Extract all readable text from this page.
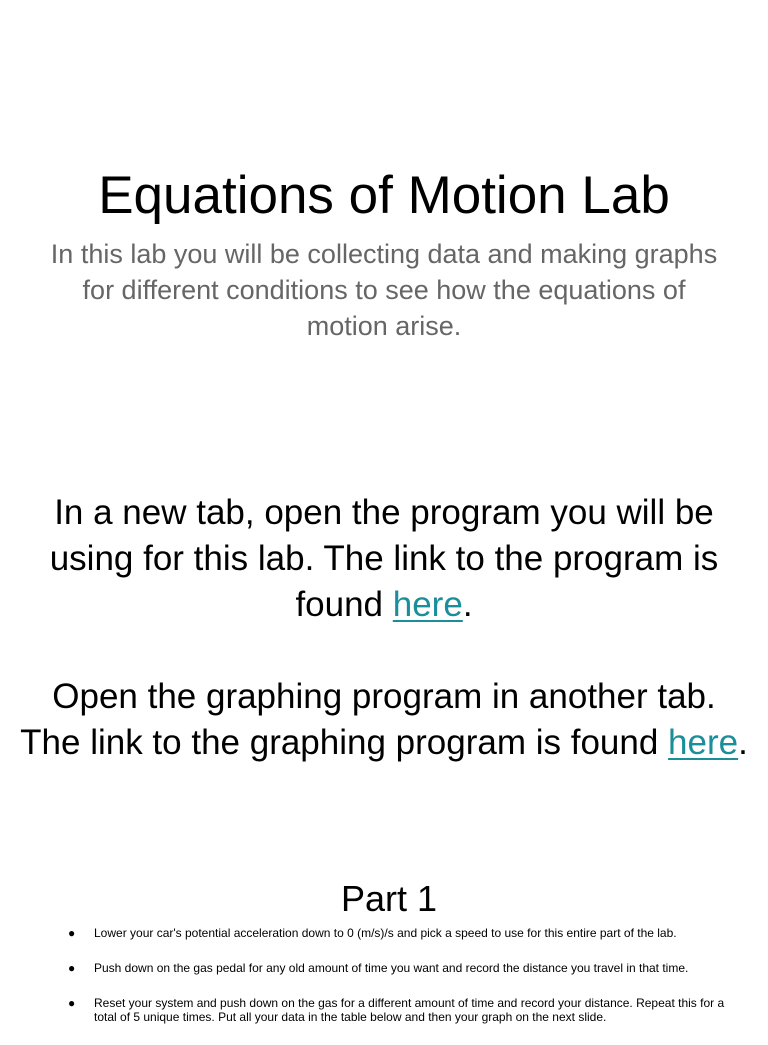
Equations of Motion Lab

In this lab you will be collecting data and making graphs for different conditions to see how the equations of motion arise.

In a new tab, open the program you will be using for this lab. The link to the program is found here.

Open the graphing program in another tab. The link to the graphing program is found here.

Part 1
● Lower your car's potential acceleration down to 0 (m/s)/s and pick a speed to use for this entire part of the lab.
● Push down on the gas pedal for any old amount of time you want and record the distance you travel in that time.
● Reset your system and push down on the gas for a different amount of time and record your distance. Repeat this for a total of 5 unique times. Put all your data in the table below and then your graph on the next slide.
